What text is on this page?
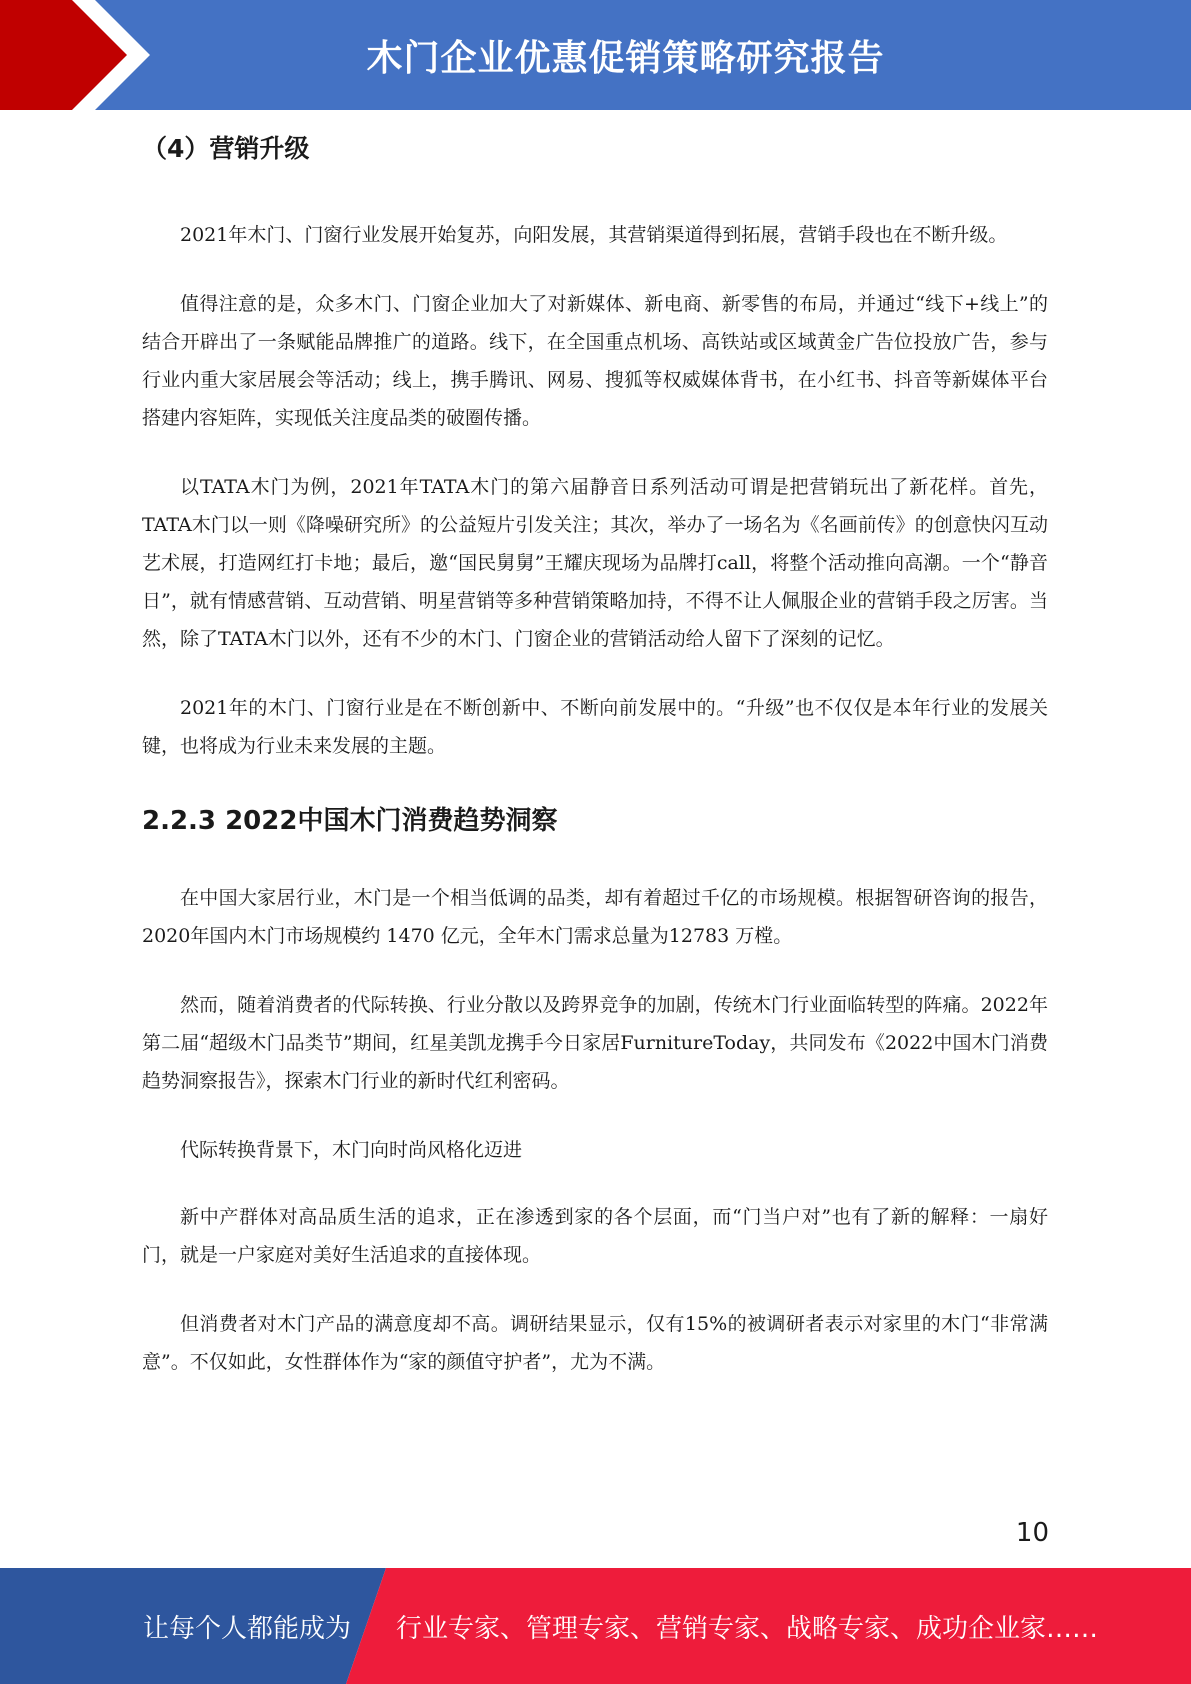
木门企业优惠促销策略研究报告
（4）营销升级

2021年木门、门窗行业发展开始复苏，向阳发展，其营销渠道得到拓展，营销手段也在不断升级。

值得注意的是，众多木门、门窗企业加大了对新媒体、新电商、新零售的布局，并通过“线下+线上”的结合开辟出了一条赋能品牌推广的道路。线下，在全国重点机场、高铁站或区域黄金广告位投放广告，参与行业内重大家居展会等活动；线上，携手腾讯、网易、搜狐等权威媒体背书，在小红书、抖音等新媒体平台搭建内容矩阵，实现低关注度品类的破圈传播。

以TATA木门为例，2021年TATA木门的第六届静音日系列活动可谓是把营销玩出了新花样。首先，TATA木门以一则《降噪研究所》的公益短片引发关注；其次，举办了一场名为《名画前传》的创意快闪互动艺术展，打造网红打卡地；最后，邀“国民舅舅”王耀庆现场为品牌打call，将整个活动推向高潮。一个“静音日”，就有情感营销、互动营销、明星营销等多种营销策略加持，不得不让人佩服企业的营销手段之厉害。当然，除了TATA木门以外，还有不少的木门、门窗企业的营销活动给人留下了深刻的记忆。

2021年的木门、门窗行业是在不断创新中、不断向前发展中的。“升级”也不仅仅是本年行业的发展关键，也将成为行业未来发展的主题。

2.2.3 2022中国木门消费趋势洞察

在中国大家居行业，木门是一个相当低调的品类，却有着超过千亿的市场规模。根据智研咨询的报告，2020年国内木门市场规模约 1470 亿元，全年木门需求总量为12783 万樘。

然而，随着消费者的代际转换、行业分散以及跨界竞争的加剧，传统木门行业面临转型的阵痛。2022年第二届“超级木门品类节”期间，红星美凯龙携手今日家居FurnitureToday，共同发布《2022中国木门消费趋势洞察报告》，探索木门行业的新时代红利密码。

代际转换背景下，木门向时尚风格化迈进

新中产群体对高品质生活的追求，正在渗透到家的各个层面，而“门当户对”也有了新的解释：一扇好门，就是一户家庭对美好生活追求的直接体现。

但消费者对木门产品的满意度却不高。调研结果显示，仅有15%的被调研者表示对家里的木门“非常满意”。不仅如此，女性群体作为“家的颜值守护者”，尤为不满。

10
让每个人都能成为 行业专家、管理专家、营销专家、战略专家、成功企业家……
